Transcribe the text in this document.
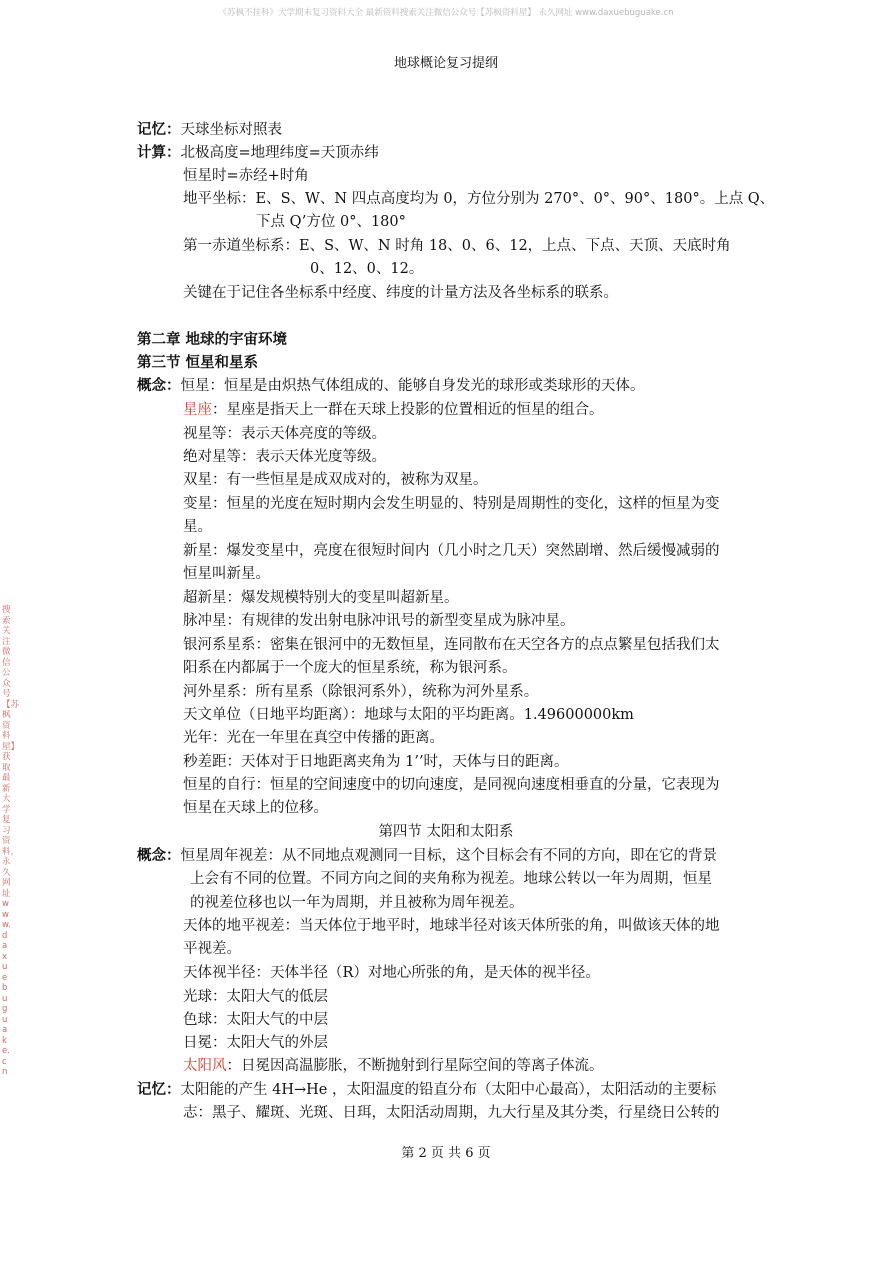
《苏枫不挂科》大学期末复习资料大全 最新资料搜索关注微信公众号【苏枫资料屋】 永久网址 www.daxuebuguake.cn
地球概论复习提纲
搜索关注微信公众号【苏枫资料屋】 获取最新大学复习资料，永久网址 www.daxuebuguake.cn
记忆：天球坐标对照表
计算：北极高度=地理纬度=天顶赤纬
恒星时=赤经+时角
地平坐标：E、S、W、N 四点高度均为 0，方位分别为 270°、0°、90°、180°。上点 Q、
下点 Q’方位 0°、180°
第一赤道坐标系：E、S、W、N 时角 18、0、6、12，上点、下点、天顶、天底时角
0、12、0、12。
关键在于记住各坐标系中经度、纬度的计量方法及各坐标系的联系。
第二章 地球的宇宙环境
第三节 恒星和星系
概念：恒星：恒星是由炽热气体组成的、能够自身发光的球形或类球形的天体。
星座：星座是指天上一群在天球上投影的位置相近的恒星的组合。
视星等：表示天体亮度的等级。
绝对星等：表示天体光度等级。
双星：有一些恒星是成双成对的，被称为双星。
变星：恒星的光度在短时期内会发生明显的、特别是周期性的变化，这样的恒星为变
星。
新星：爆发变星中，亮度在很短时间内（几小时之几天）突然剧增、然后缓慢减弱的
恒星叫新星。
超新星：爆发规模特别大的变星叫超新星。
脉冲星：有规律的发出射电脉冲讯号的新型变星成为脉冲星。
银河系星系：密集在银河中的无数恒星，连同散布在天空各方的点点繁星包括我们太
阳系在内都属于一个庞大的恒星系统，称为银河系。
河外星系：所有星系（除银河系外），统称为河外星系。
天文单位（日地平均距离）：地球与太阳的平均距离。1.49600000km
光年：光在一年里在真空中传播的距离。
秒差距：天体对于日地距离夹角为 1’’时，天体与日的距离。
恒星的自行：恒星的空间速度中的切向速度，是同视向速度相垂直的分量，它表现为
恒星在天球上的位移。
第四节 太阳和太阳系
概念：恒星周年视差：从不同地点观测同一目标，这个目标会有不同的方向，即在它的背景
上会有不同的位置。不同方向之间的夹角称为视差。地球公转以一年为周期，恒星
的视差位移也以一年为周期，并且被称为周年视差。
天体的地平视差：当天体位于地平时，地球半径对该天体所张的角，叫做该天体的地
平视差。
天体视半径：天体半径（R）对地心所张的角，是天体的视半径。
光球：太阳大气的低层
色球：太阳大气的中层
日冕：太阳大气的外层
太阳风：日冕因高温膨胀，不断抛射到行星际空间的等离子体流。
记忆：太阳能的产生 4H→He ，太阳温度的铅直分布（太阳中心最高），太阳活动的主要标
志：黑子、耀斑、光斑、日珥，太阳活动周期，九大行星及其分类，行星绕日公转的
第 2 页 共 6 页
